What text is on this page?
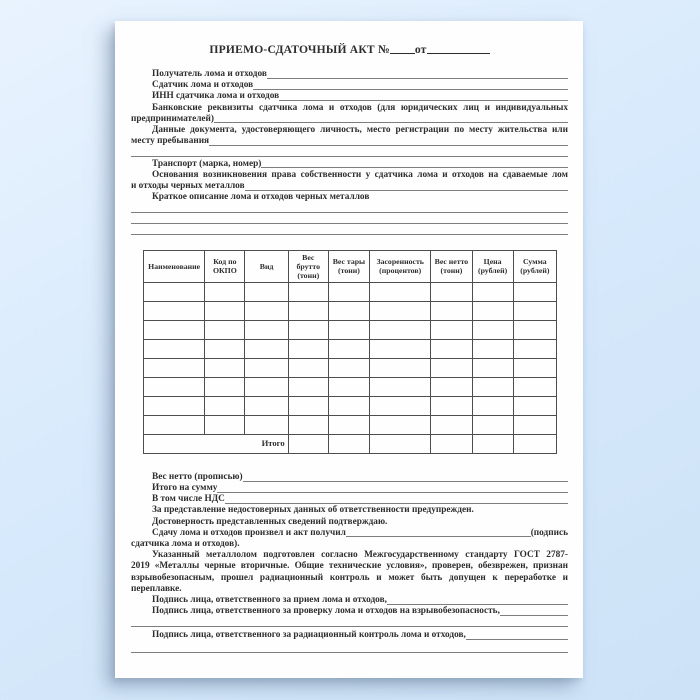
ПРИЕМО-СДАТОЧНЫЙ АКТ № от
Получатель лома и отходов
Сдатчик лома и отходов
ИНН сдатчика лома и отходов
Банковские реквизиты сдатчика лома и отходов (для юридических лиц и индивидуальных
предпринимателей)
Данные документа, удостоверяющего личность, место регистрации по месту жительства или
месту пребывания
Транспорт (марка, номер)
Основания возникновения права собственности у сдатчика лома и отходов на сдаваемые лом
и отходы черных металлов
Краткое описание лома и отходов черных металлов
Наименование	Код по ОКПО	Вид	Вес брутто (тонн)	Вес тары (тонн)	Засоренность (процентов)	Вес нетто (тонн)	Цена (рублей)	Сумма (рублей)

Итого								
Вес нетто (прописью)
Итого на сумму
В том числе НДС
За представление недостоверных данных об ответственности предупрежден.
Достоверность представленных сведений подтверждаю.
Сдачу лома и отходов произвел и акт получил	(подпись
сдатчика лома и отходов).
Указанный металлолом подготовлен согласно Межгосударственному стандарту ГОСТ 2787-
2019 «Металлы черные вторичные. Общие технические условия», проверен, обезврежен, признан
взрывобезопасным, прошел радиационный контроль и может быть допущен к переработке и
переплавке.
Подпись лица, ответственного за прием лома и отходов,
Подпись лица, ответственного за проверку лома и отходов на взрывобезопасность,
Подпись лица, ответственного за радиационный контроль лома и отходов,
